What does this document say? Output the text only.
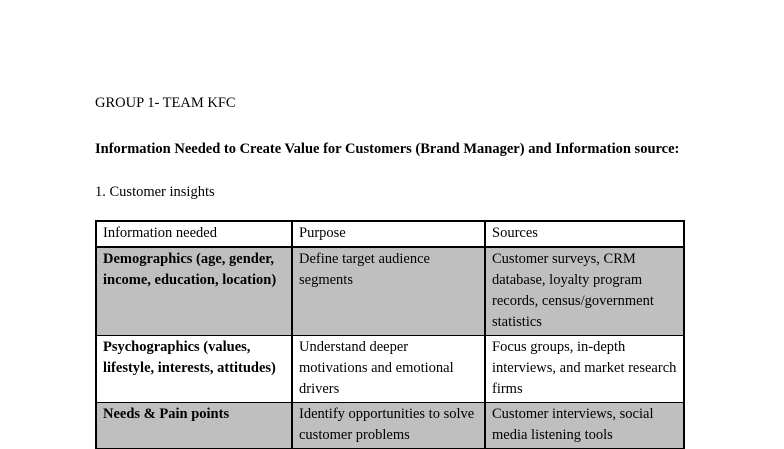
GROUP 1- TEAM KFC
Information Needed to Create Value for Customers (Brand Manager) and Information source:
1. Customer insights
Information needed	Purpose	Sources
Demographics (age, gender, income, education, location)	Define target audience segments	Customer surveys, CRM database, loyalty program records, census/government statistics
Psychographics (values, lifestyle, interests, attitudes)	Understand deeper motivations and emotional drivers	Focus groups, in-depth interviews, and market research firms
Needs & Pain points	Identify opportunities to solve customer problems	Customer interviews, social media listening tools
